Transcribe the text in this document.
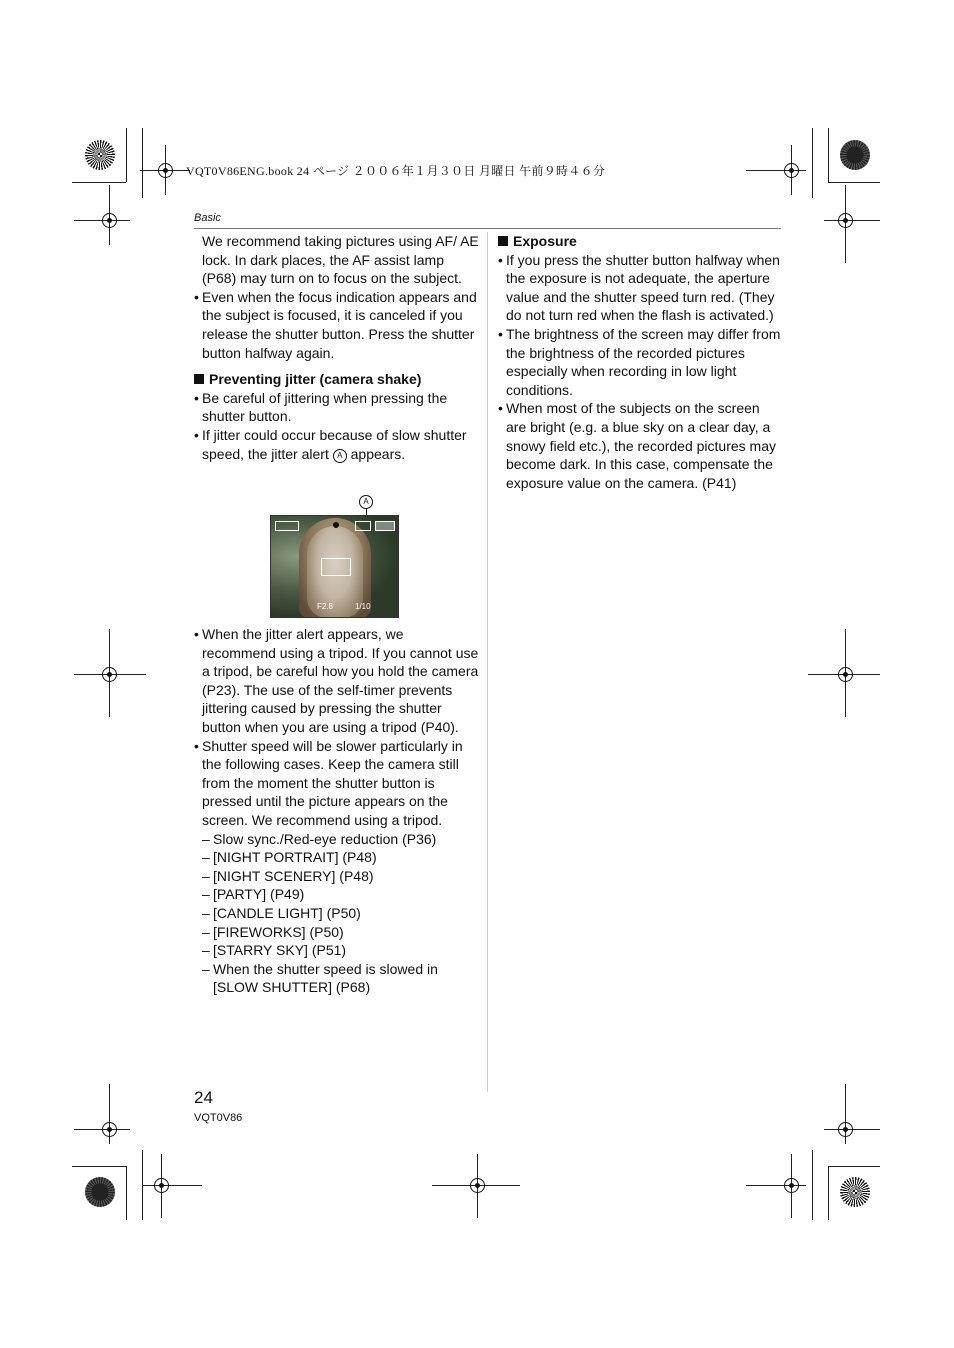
VQT0V86ENG.book 24 ページ ２００６年１月３０日 月曜日 午前９時４６分
Basic

We recommend taking pictures using AF/ AE lock. In dark places, the AF assist lamp (P68) may turn on to focus on the subject.

• Even when the focus indication appears and the subject is focused, it is canceled if you release the shutter button. Press the shutter button halfway again.

Preventing jitter (camera shake)

• Be careful of jittering when pressing the shutter button.

• If jitter could occur because of slow shutter speed, the jitter alert A appears.

A
F2.8	1/10

• When the jitter alert appears, we recommend using a tripod. If you cannot use a tripod, be careful how you hold the camera (P23). The use of the self-timer prevents jittering caused by pressing the shutter button when you are using a tripod (P40).

• Shutter speed will be slower particularly in the following cases. Keep the camera still from the moment the shutter button is pressed until the picture appears on the screen. We recommend using a tripod.

– Slow sync./Red-eye reduction (P36)

– [NIGHT PORTRAIT] (P48)

– [NIGHT SCENERY] (P48)

– [PARTY] (P49)

– [CANDLE LIGHT] (P50)

– [FIREWORKS] (P50)

– [STARRY SKY] (P51)

– When the shutter speed is slowed in [SLOW SHUTTER] (P68)

Exposure

• If you press the shutter button halfway when the exposure is not adequate, the aperture value and the shutter speed turn red. (They do not turn red when the flash is activated.)

• The brightness of the screen may differ from the brightness of the recorded pictures especially when recording in low light conditions.

• When most of the subjects on the screen are bright (e.g. a blue sky on a clear day, a snowy field etc.), the recorded pictures may become dark. In this case, compensate the exposure value on the camera. (P41)

24
VQT0V86
